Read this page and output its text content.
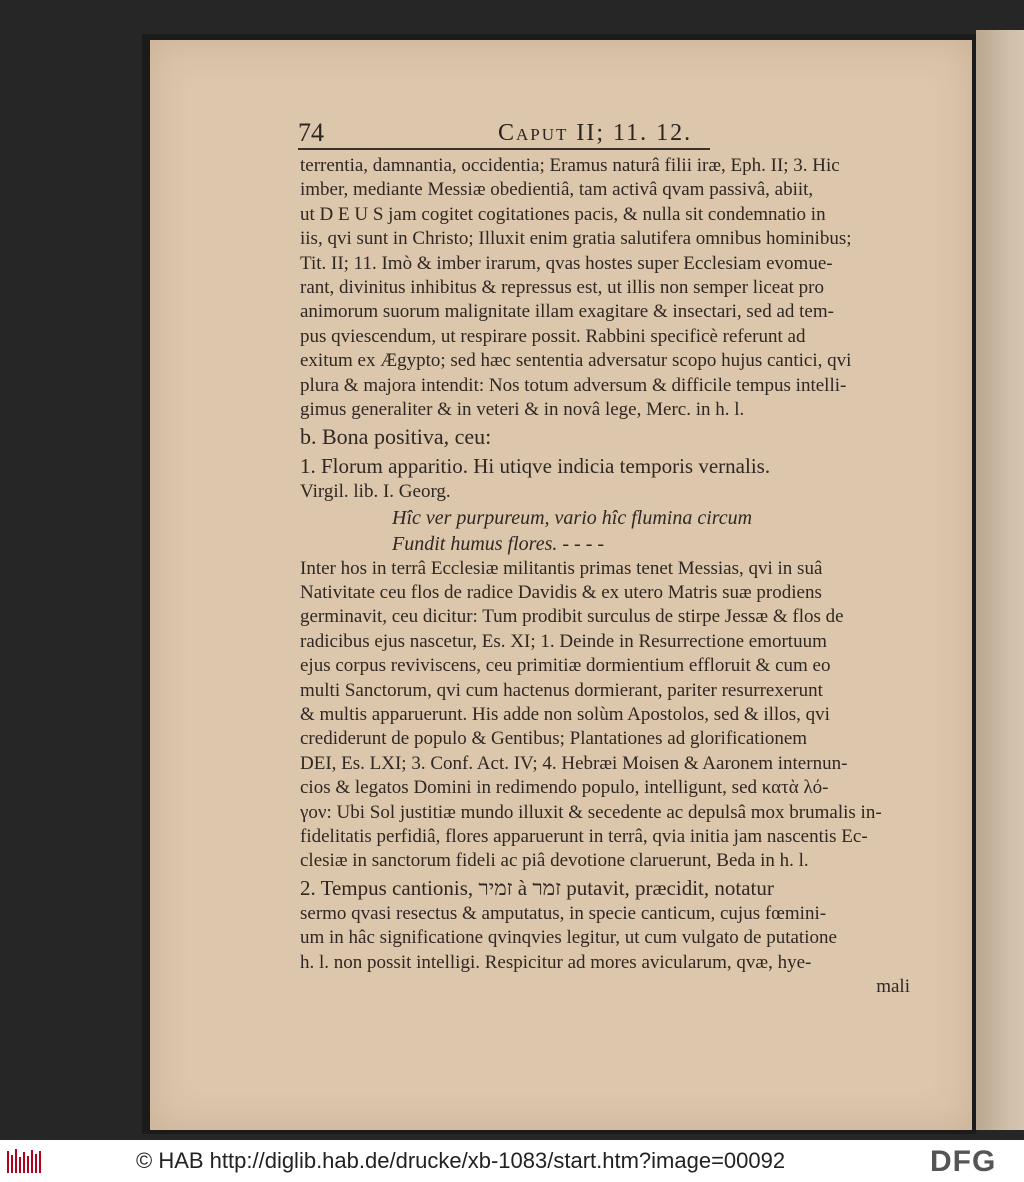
74	Caput II; 11. 12.
terrentia, damnantia, occidentia; Eramus naturâ filii iræ, Eph. II; 3. Hic
imber, mediante Messiæ obedientiâ, tam activâ qvam passivâ, abiit,
ut D E U S jam cogitet cogitationes pacis, & nulla sit condemnatio in
iis, qvi sunt in Christo; Illuxit enim gratia salutifera omnibus hominibus;
Tit. II; 11. Imò & imber irarum, qvas hostes super Ecclesiam evomue-
rant, divinitus inhibitus & repressus est, ut illis non semper liceat pro
animorum suorum malignitate illam exagitare & insectari, sed ad tem-
pus qviescendum, ut respirare possit. Rabbini specificè referunt ad
exitum ex Ægypto; sed hæc sententia adversatur scopo hujus cantici, qvi
plura & majora intendit: Nos totum adversum & difficile tempus intelli-
gimus generaliter & in veteri & in novâ lege, Merc. in h. l.
b. Bona positiva, ceu:
1. Florum apparitio. Hi utiqve indicia temporis vernalis.
Virgil. lib. I. Georg.
Hîc ver purpureum, vario hîc flumina circum
Fundit humus flores. - - - -
Inter hos in terrâ Ecclesiæ militantis primas tenet Messias, qvi in suâ
Nativitate ceu flos de radice Davidis & ex utero Matris suæ prodiens
germinavit, ceu dicitur: Tum prodibit surculus de stirpe Jessæ & flos de
radicibus ejus nascetur, Es. XI; 1. Deinde in Resurrectione emortuum
ejus corpus reviviscens, ceu primitiæ dormientium effloruit & cum eo
multi Sanctorum, qvi cum hactenus dormierant, pariter resurrexerunt
& multis apparuerunt. His adde non solùm Apostolos, sed & illos, qvi
crediderunt de populo & Gentibus; Plantationes ad glorificationem
DEI, Es. LXI; 3. Conf. Act. IV; 4. Hebræi Moisen & Aaronem internun-
cios & legatos Domini in redimendo populo, intelligunt, sed κατὰ λό-
γον: Ubi Sol justitiæ mundo illuxit & secedente ac depulsâ mox brumalis in-
fidelitatis perfidiâ, flores apparuerunt in terrâ, qvia initia jam nascentis Ec-
clesiæ in sanctorum fideli ac piâ devotione claruerunt, Beda in h. l.
2. Tempus cantionis, זמיר à זמר putavit, præcidit, notatur
sermo qvasi resectus & amputatus, in specie canticum, cujus fœmini-
um in hâc significatione qvinqvies legitur, ut cum vulgato de putatione
h. l. non possit intelligi. Respicitur ad mores avicularum, qvæ, hye-
mali
© HAB http://diglib.hab.de/drucke/xb-1083/start.htm?image=00092	DFG
